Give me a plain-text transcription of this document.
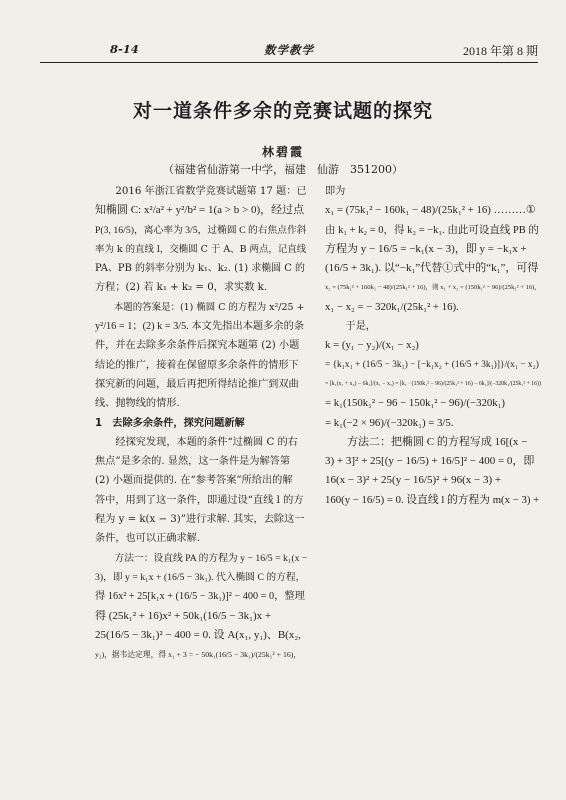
8-14	数学教学	2018 年第 8 期
对一道条件多余的竞赛试题的探究
林碧霞
（福建省仙游第一中学，福建　仙游　351200）

2016 年浙江省数学竞赛试题第 17 题：已

知椭圆 C: x²/a² + y²/b² = 1(a > b > 0)，经过点

P(3, 16/5)，离心率为 3/5，过椭圆 C 的右焦点作斜

率为 k 的直线 l，交椭圆 C 于 A、B 两点，记直线

PA、PB 的斜率分别为 k₁、k₂. (1) 求椭圆 C 的

方程；(2) 若 k₁ + k₂ = 0，求实数 k.

本题的答案是：(1) 椭圆 C 的方程为 x²/25 +

y²/16 = 1；(2) k = 3/5. 本文先指出本题多余的条

件，并在去除多余条件后探究本题第 (2) 小题

结论的推广，接着在保留原多余条件的情形下

探究新的问题，最后再把所得结论推广到双曲

线、抛物线的情形.

1　去除多余条件，探究问题新解

经探究发现，本题的条件“过椭圆 C 的右

焦点”是多余的. 显然，这一条件是为解答第

(2) 小题而提供的. 在“参考答案”所给出的解

答中，用到了这一条件，即通过设“直线 l 的方

程为 y = k(x − 3)”进行求解. 其实，去除这一

条件，也可以正确求解.

方法一：设直线 PA 的方程为 y − 16/5 = k₁(x −

3)，即 y = k₁x + (16/5 − 3k₁). 代入椭圆 C 的方程，

得 16x² + 25[k₁x + (16/5 − 3k₁)]² − 400 = 0，整理

得 (25k₁² + 16)x² + 50k₁(16/5 − 3k₁)x +

25(16/5 − 3k₁)² − 400 = 0. 设 A(x₁, y₁)、B(x₂,

y₂)，据韦达定理，得 x₁ + 3 = − 50k₁(16/5 − 3k₁)/(25k₁² + 16)，

即为

x₁ = (75k₁² − 160k₁ − 48)/(25k₁² + 16) ………①

由 k₁ + k₂ = 0，得 k₂ = −k₁. 由此可设直线 PB 的

方程为 y − 16/5 = −k₁(x − 3)，即 y = −k₁x +

(16/5 + 3k₁). 以“−k₁”代替①式中的“k₁”，可得

x₂ = (75k₁² + 160k₁ − 48)/(25k₁² + 16)，则 x₁ + x₂ = (150k₁² − 96)/(25k₁² + 16)，

x₁ − x₂ = − 320k₁/(25k₁² + 16).

于是，

k = (y₁ − y₂)/(x₁ − x₂)

= {k₁x₁ + (16/5 − 3k₁) − [−k₁x₂ + (16/5 + 3k₁)]}/(x₁ − x₂)

= [k₁(x₁ + x₂) − 6k₁]/(x₁ − x₂) = [k₁ · (150k₁² − 96)/(25k₁² + 16) − 6k₁]/(−320k₁/(25k₁² + 16))

= k₁(150k₁² − 96 − 150k₁² − 96)/(−320k₁)

= k₁(−2 × 96)/(−320k₁) = 3/5.

方法二：把椭圆 C 的方程写成 16[(x −

3) + 3]² + 25[(y − 16/5) + 16/5]² − 400 = 0，即

16(x − 3)² + 25(y − 16/5)² + 96(x − 3) +

160(y − 16/5) = 0. 设直线 l 的方程为 m(x − 3) +
